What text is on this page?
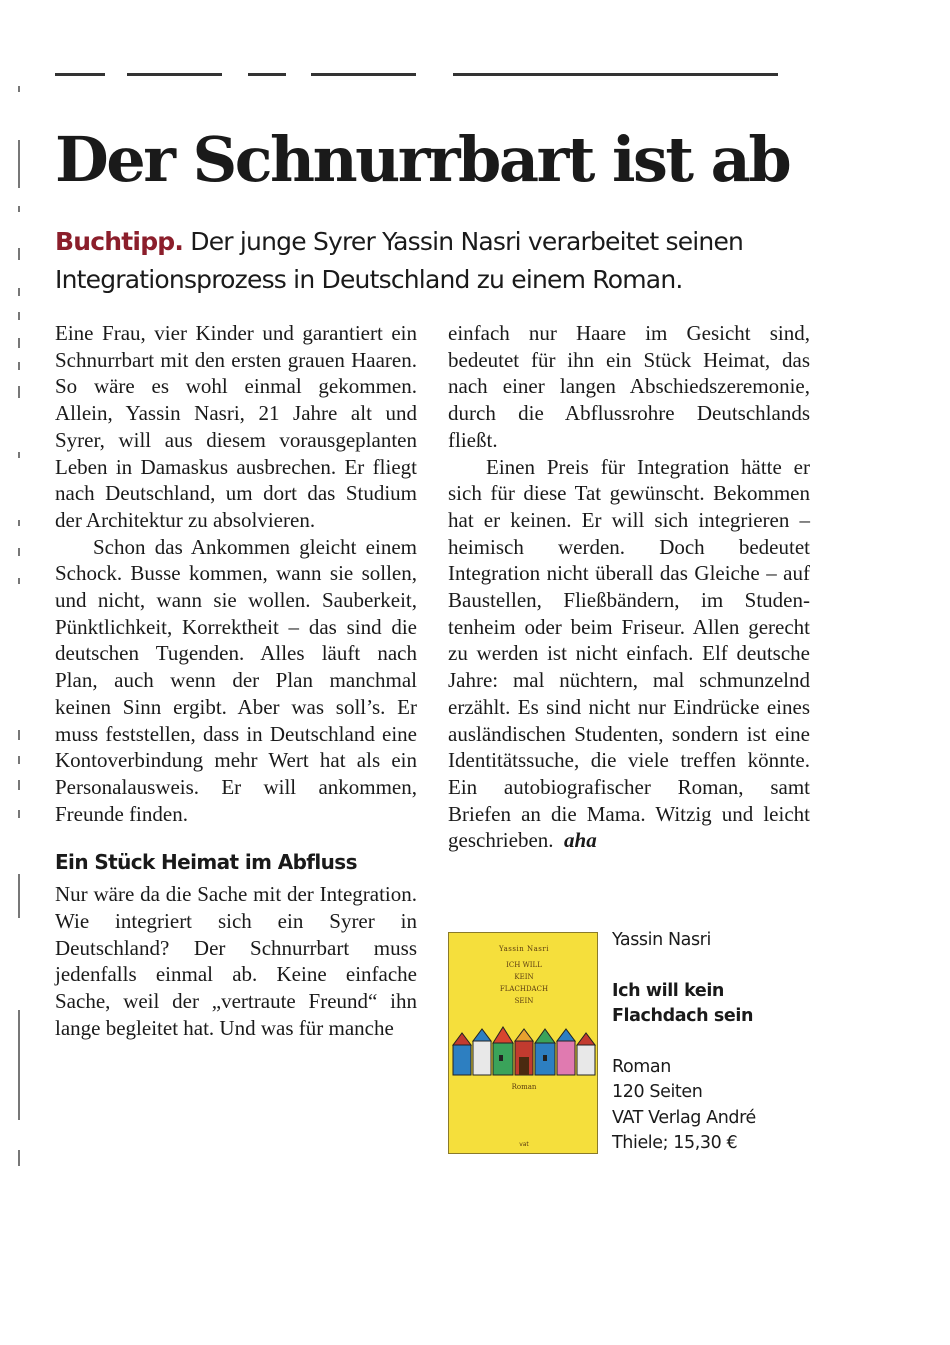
Der Schnurrbart ist ab

Buchtipp. Der junge Syrer Yassin Nasri verarbeitet seinen
Integrationsprozess in Deutschland zu einem Roman.

Eine Frau, vier Kinder und garantiert ein Schnurrbart mit den ersten grauen Haaren. So wäre es wohl einmal gekommen. Allein, Yassin Nasri, 21 Jahre alt und Syrer, will aus diesem vorausgeplanten Leben in Damaskus ausbrechen. Er fliegt nach Deutschland, um dort das Studium der Architektur zu absolvieren.

Schon das Ankommen gleicht einem Schock. Busse kommen, wann sie sollen, und nicht, wann sie wollen. Sauberkeit, Pünktlichkeit, Korrektheit – das sind die deutschen Tugenden. Alles läuft nach Plan, auch wenn der Plan manchmal keinen Sinn ergibt. Aber was soll’s. Er muss feststellen, dass in Deutschland eine Kontoverbindung mehr Wert hat als ein Personalausweis. Er will ankommen, Freunde finden.

Ein Stück Heimat im Abfluss

Nur wäre da die Sache mit der Integration. Wie integriert sich ein Syrer in Deutschland? Der Schnurrbart muss jedenfalls einmal ab. Keine einfache Sache, weil der „vertraute Freund“ ihn lange begleitet hat. Und was für manche

einfach nur Haare im Gesicht sind, bedeutet für ihn ein Stück Heimat, das nach einer langen Abschiedszeremonie, durch die Abflussrohre Deutschlands fließt.

Einen Preis für Integration hätte er sich für diese Tat gewünscht. Bekommen hat er keinen. Er will sich integrieren – heimisch werden. Doch bedeutet Integration nicht überall das Gleiche – auf Baustellen, Fließbändern, im Studentenheim oder beim Friseur. Allen gerecht zu werden ist nicht einfach. Elf deutsche Jahre: mal nüchtern, mal schmunzelnd erzählt. Es sind nicht nur Eindrücke eines ausländischen Studenten, sondern ist eine Identitätssuche, die viele treffen könnte. Ein autobiografischer Roman, samt Briefen an die Mama. Witzig und leicht geschrieben. aha

Yassin Nasri
ICH WILL
KEIN
FLACHDACH
SEIN
Roman
vat
Yassin Nasri
Ich will kein
Flachdach sein
Roman
120 Seiten
VAT Verlag André
Thiele; 15,30 €
